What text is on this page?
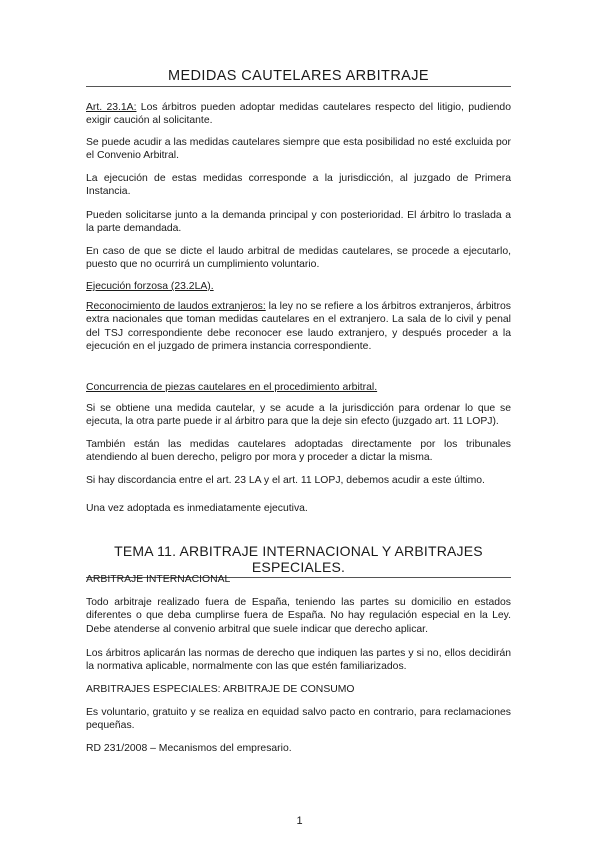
MEDIDAS CAUTELARES ARBITRAJE
Art. 23.1A: Los árbitros pueden adoptar medidas cautelares respecto del litigio, pudiendo exigir caución al solicitante.
Se puede acudir a las medidas cautelares siempre que esta posibilidad no esté excluida por el Convenio Arbitral.
La ejecución de estas medidas corresponde a la jurisdicción, al juzgado de Primera Instancia.
Pueden solicitarse junto a la demanda principal y con posterioridad. El árbitro lo traslada a la parte demandada.
En caso de que se dicte el laudo arbitral de medidas cautelares, se procede a ejecutarlo, puesto que no ocurrirá un cumplimiento voluntario.
Ejecución forzosa (23.2LA).
Reconocimiento de laudos extranjeros: la ley no se refiere a los árbitros extranjeros, árbitros extra nacionales que toman medidas cautelares en el extranjero. La sala de lo civil y penal del TSJ correspondiente debe reconocer ese laudo extranjero, y después proceder a la ejecución en el juzgado de primera instancia correspondiente.
Concurrencia de piezas cautelares en el procedimiento arbitral.
Si se obtiene una medida cautelar, y se acude a la jurisdicción para ordenar lo que se ejecuta, la otra parte puede ir al árbitro para que la deje sin efecto (juzgado art. 11 LOPJ).
También están las medidas cautelares adoptadas directamente por los tribunales atendiendo al buen derecho, peligro por mora y proceder a dictar la misma.
Si hay discordancia entre el art. 23 LA y el art. 11 LOPJ, debemos acudir a este último.
Una vez adoptada es inmediatamente ejecutiva.
TEMA 11. ARBITRAJE INTERNACIONAL Y ARBITRAJES ESPECIALES.
ARBITRAJE INTERNACIONAL
Todo arbitraje realizado fuera de España, teniendo las partes su domicilio en estados diferentes o que deba cumplirse fuera de España. No hay regulación especial en la Ley. Debe atenderse al convenio arbitral que suele indicar que derecho aplicar.
Los árbitros aplicarán las normas de derecho que indiquen las partes y si no, ellos decidirán la normativa aplicable, normalmente con las que estén familiarizados.
ARBITRAJES ESPECIALES: ARBITRAJE DE CONSUMO
Es voluntario, gratuito y se realiza en equidad salvo pacto en contrario, para reclamaciones pequeñas.
RD 231/2008 – Mecanismos del empresario.
1
